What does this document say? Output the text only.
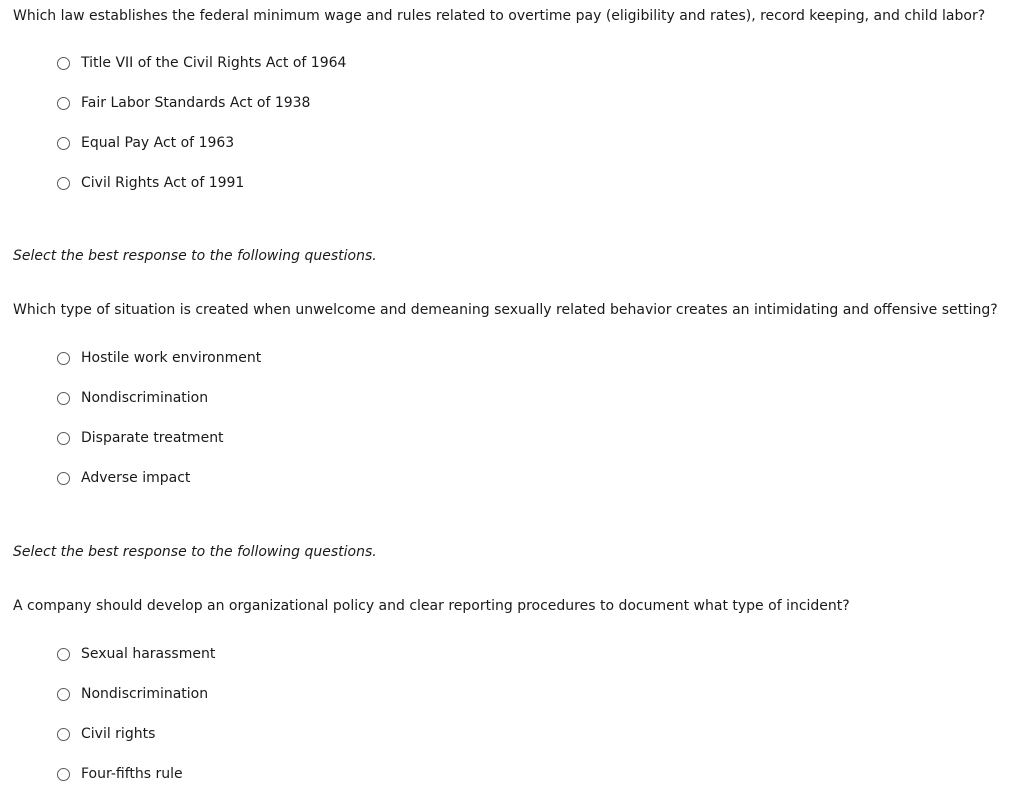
Which law establishes the federal minimum wage and rules related to overtime pay (eligibility and rates), record keeping, and child labor?

Title VII of the Civil Rights Act of 1964
Fair Labor Standards Act of 1938
Equal Pay Act of 1963
Civil Rights Act of 1991

Select the best response to the following questions.

Which type of situation is created when unwelcome and demeaning sexually related behavior creates an intimidating and offensive setting?

Hostile work environment
Nondiscrimination
Disparate treatment
Adverse impact

Select the best response to the following questions.

A company should develop an organizational policy and clear reporting procedures to document what type of incident?

Sexual harassment
Nondiscrimination
Civil rights
Four-fifths rule
